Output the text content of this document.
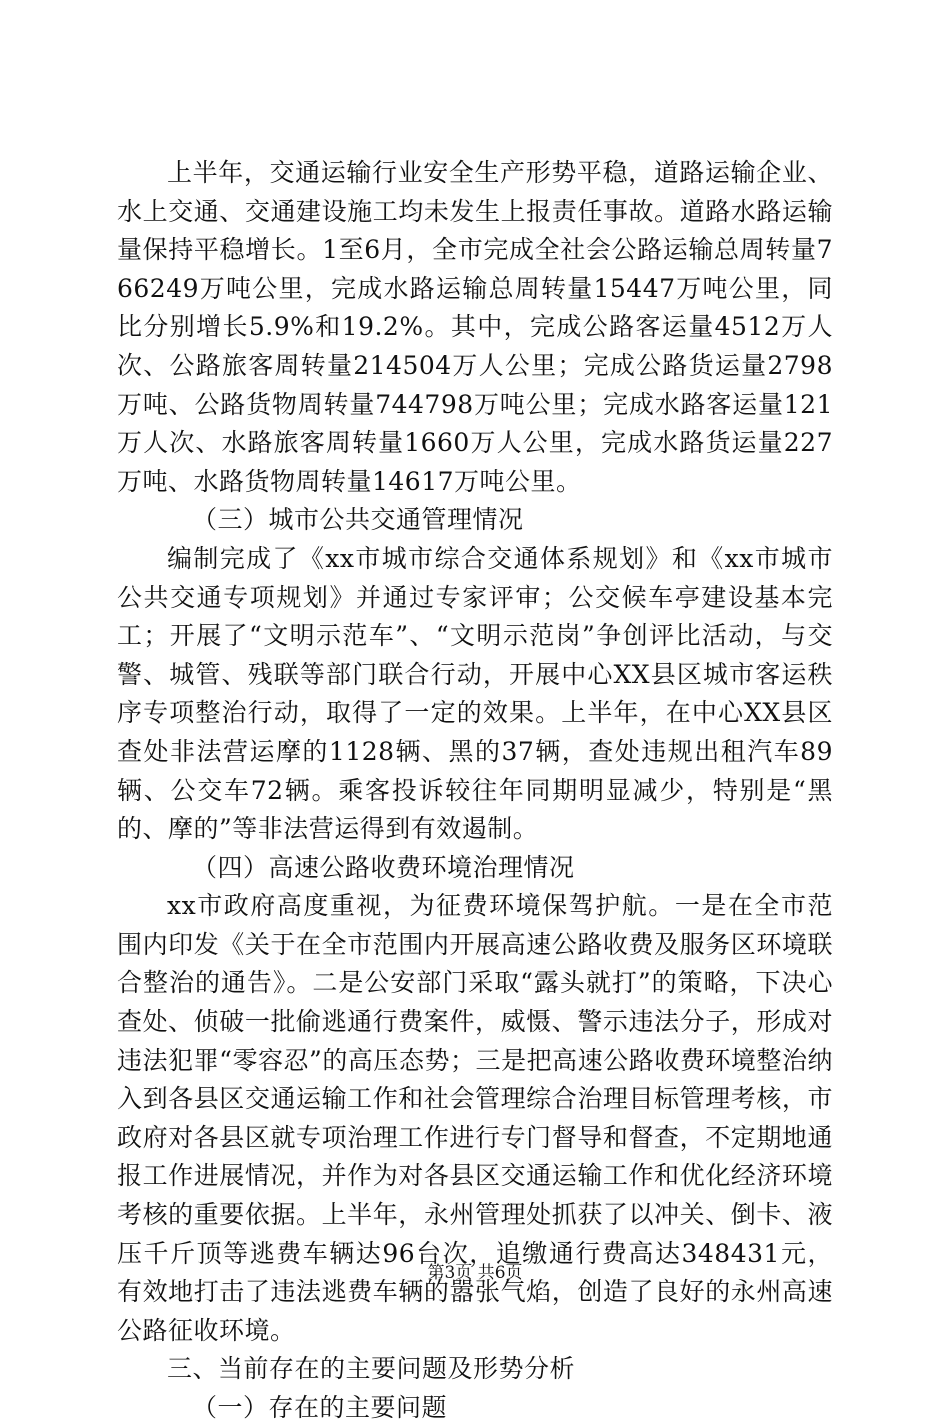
上半年，交通运输行业安全生产形势平稳，道路运输企业、水上交通、交通建设施工均未发生上报责任事故。道路水路运输量保持平稳增长。1至6月，全市完成全社会公路运输总周转量766249万吨公里，完成水路运输总周转量15447万吨公里，同比分别增长5.9%和19.2%。其中，完成公路客运量4512万人次、公路旅客周转量214504万人公里；完成公路货运量2798万吨、公路货物周转量744798万吨公里；完成水路客运量121万人次、水路旅客周转量1660万人公里，完成水路货运量227万吨、水路货物周转量14617万吨公里。

（三）城市公共交通管理情况

编制完成了《xx市城市综合交通体系规划》和《xx市城市公共交通专项规划》并通过专家评审；公交候车亭建设基本完工；开展了“文明示范车”、“文明示范岗”争创评比活动，与交警、城管、残联等部门联合行动，开展中心XX县区城市客运秩序专项整治行动，取得了一定的效果。上半年，在中心XX县区查处非法营运摩的1128辆、黑的37辆，查处违规出租汽车89辆、公交车72辆。乘客投诉较往年同期明显减少，特别是“黑的、摩的”等非法营运得到有效遏制。

（四）高速公路收费环境治理情况

xx市政府高度重视，为征费环境保驾护航。一是在全市范围内印发《关于在全市范围内开展高速公路收费及服务区环境联合整治的通告》。二是公安部门采取“露头就打”的策略，下决心查处、侦破一批偷逃通行费案件，威慑、警示违法分子，形成对违法犯罪“零容忍”的高压态势；三是把高速公路收费环境整治纳入到各县区交通运输工作和社会管理综合治理目标管理考核，市政府对各县区就专项治理工作进行专门督导和督查，不定期地通报工作进展情况，并作为对各县区交通运输工作和优化经济环境考核的重要依据。上半年，永州管理处抓获了以冲关、倒卡、液压千斤顶等逃费车辆达96台次，追缴通行费高达348431元，有效地打击了违法逃费车辆的嚣张气焰，创造了良好的永州高速公路征收环境。

三、当前存在的主要问题及形势分析

（一）存在的主要问题

第3页 共6页
